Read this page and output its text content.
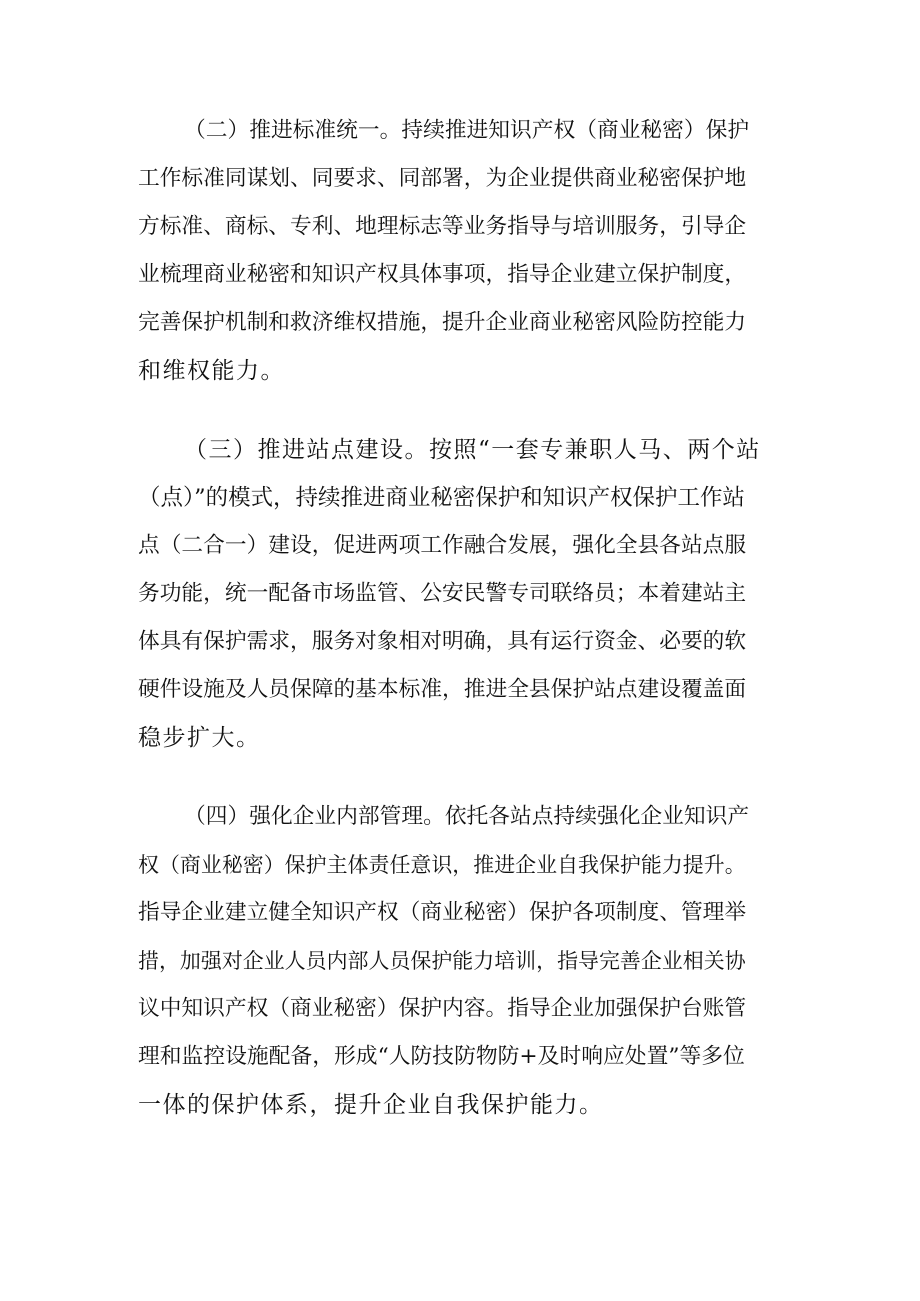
（二）推进标准统一。持续推进知识产权（商业秘密）保护
工作标准同谋划、同要求、同部署，为企业提供商业秘密保护地
方标准、商标、专利、地理标志等业务指导与培训服务，引导企
业梳理商业秘密和知识产权具体事项，指导企业建立保护制度，
完善保护机制和救济维权措施，提升企业商业秘密风险防控能力
和维权能力。
（三）推进站点建设。按照“一套专兼职人马、两个站
（点）”的模式，持续推进商业秘密保护和知识产权保护工作站
点（二合一）建设，促进两项工作融合发展，强化全县各站点服
务功能，统一配备市场监管、公安民警专司联络员；本着建站主
体具有保护需求，服务对象相对明确，具有运行资金、必要的软
硬件设施及人员保障的基本标准，推进全县保护站点建设覆盖面
稳步扩大。
（四）强化企业内部管理。依托各站点持续强化企业知识产
权（商业秘密）保护主体责任意识，推进企业自我保护能力提升。
指导企业建立健全知识产权（商业秘密）保护各项制度、管理举
措，加强对企业人员内部人员保护能力培训，指导完善企业相关协
议中知识产权（商业秘密）保护内容。指导企业加强保护台账管
理和监控设施配备，形成“人防技防物防+及时响应处置”等多位
一体的保护体系，提升企业自我保护能力。
